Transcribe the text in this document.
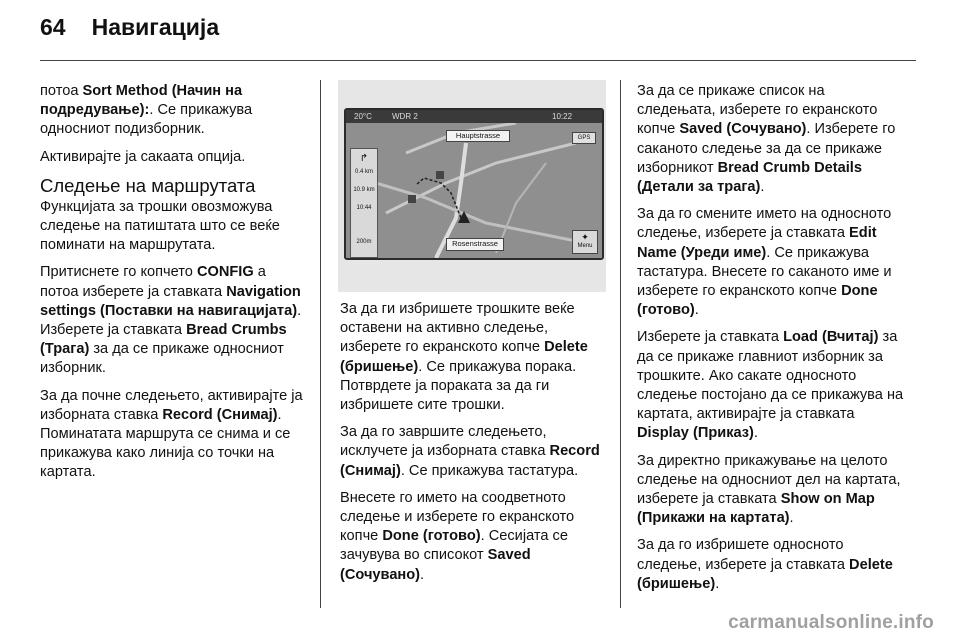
64 Навигација

потоа Sort Method (Начин на подредување):. Се прикажува односниот подизборник.

Активирајте ја сакаата опција.

Следење на маршрутата

Функцијата за трошки овозможува следење на патиштата што се веќе поминати на маршрутата.

Притиснете го копчето CONFIG а потоа изберете ја ставката Navigation settings (Поставки на навигацијата). Изберете ја ставката Bread Crumbs (Трага) за да се прикаже односниот изборник.

За да почне следењето, активирајте ја изборната ставка Record (Снимај). Поминатата маршрута се снима и се прикажува како линија со точки на картата.

20°C	WDR 2	10:22
Hauptstrasse
Rosenstrasse
GPS
↱
0.4 km
10.9 km
10:44
200m	✦
Menu

За да ги избришете трошките веќе оставени на активно следење, изберете го екранското копче Delete (бришење). Се прикажува порака. Потврдете ја пораката за да ги избришете сите трошки.

За да го завршите следењето, исклучете ја изборната ставка Record (Снимај). Се прикажува тастатура.

Внесете го името на соодветното следење и изберете го екранското копче Done (готово). Сесијата се зачувува во списокот Saved (Сочувано).

За да се прикаже список на следењата, изберете го екранското копче Saved (Сочувано). Изберете го саканото следење за да се прикаже изборникот Bread Crumb Details (Детали за трага).

За да го смените името на односното следење, изберете ја ставката Edit Name (Уреди име). Се прикажува тастатура. Внесете го саканото име и изберете го екранското копче Done (готово).

Изберете ја ставката Load (Вчитај) за да се прикаже главниот изборник за трошките. Ако сакате односното следење постојано да се прикажува на картата, активирајте ја ставката Display (Приказ).

За директно прикажување на целото следење на односниот дел на картата, изберете ја ставката Show on Map (Прикажи на картата).

За да го избришете односното следење, изберете ја ставката Delete (бришење).

carmanualsonline.info
